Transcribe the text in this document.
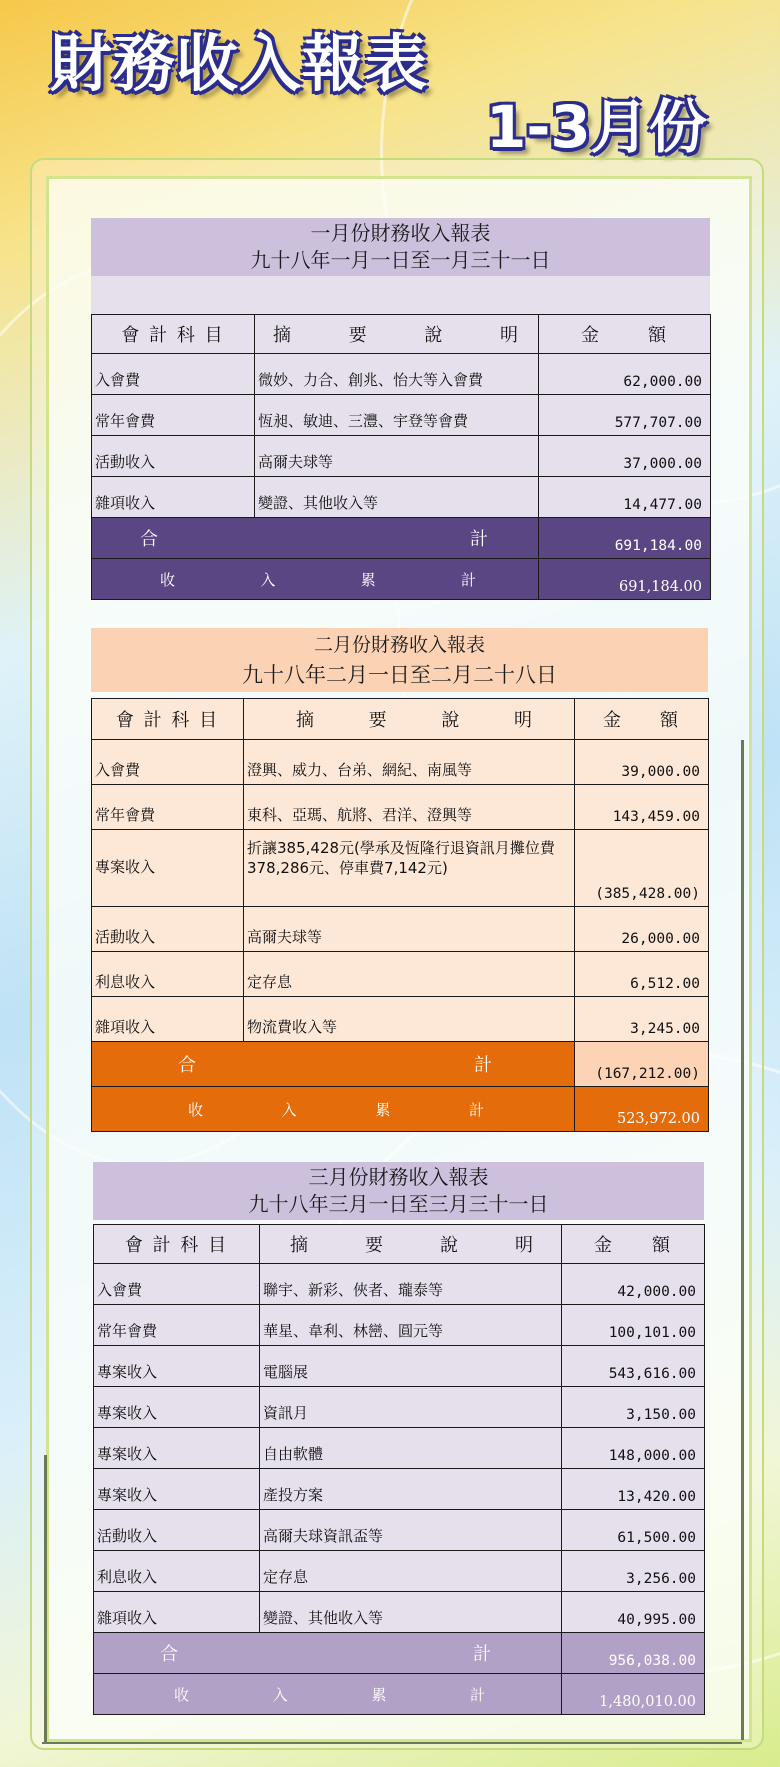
財務收入報表
1-3月份
一月份財務收入報表
九十八年一月一日至一月三十一日
會 計 科 目	摘 要 說 明	金 額

入會費	微妙、力合、創兆、怡大等入會費	62,000.00
常年會費	恆昶、敏迪、三灃、宇登等會費	577,707.00
活動收入	高爾夫球等	37,000.00
雜項收入	變證、其他收入等	14,477.00

合 計		691,184.00

收 入 累 計		691,184.00
二月份財務收入報表
九十八年二月一日至二月二十八日
會 計 科 目	摘 要 說 明	金 額

入會費	澄興、威力、台弟、網紀、南風等	39,000.00
常年會費	東科、亞瑪、航將、君洋、澄興等	143,459.00
專案收入	折讓385,428元(學承及恆隆行退資訊月攤位費378,286元、停車費7,142元)	(385,428.00)
活動收入	高爾夫球等	26,000.00
利息收入	定存息	6,512.00
雜項收入	物流費收入等	3,245.00

合 計		(167,212.00)

收 入 累 計		523,972.00
三月份財務收入報表
九十八年三月一日至三月三十一日
會 計 科 目	摘 要 說 明	金 額

入會費	聯宇、新彩、俠者、瓏泰等	42,000.00
常年會費	華星、韋利、林巒、圓元等	100,101.00
專案收入	電腦展	543,616.00
專案收入	資訊月	3,150.00
專案收入	自由軟體	148,000.00
專案收入	產投方案	13,420.00
活動收入	高爾夫球資訊盃等	61,500.00
利息收入	定存息	3,256.00
雜項收入	變證、其他收入等	40,995.00

合 計		956,038.00

收 入 累 計		1,480,010.00
